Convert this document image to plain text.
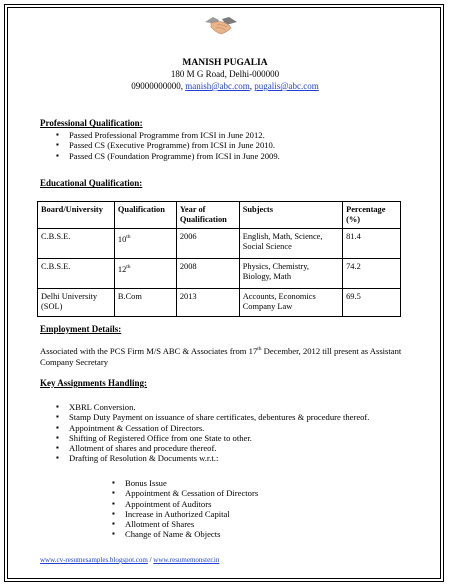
MANISH PUGALIA
180 M G Road, Delhi-000000
09000000000, manish@abc.com, pugalis@abc.com
Professional Qualification:
▪ Passed Professional Programme from ICSI in June 2012.
▪ Passed CS (Executive Programme) from ICSI in June 2010.
▪ Passed CS (Foundation Programme) from ICSI in June 2009.
Educational Qualification:
Board/University	Qualification	Year of Qualification	Subjects	Percentage (%)
C.B.S.E.	10th	2006	English, Math, Science, Social Science	81.4
C.B.S.E.	12th	2008	Physics, Chemistry, Biology, Math	74.2
Delhi University (SOL)	B.Com	2013	Accounts, Economics Company Law	69.5
Employment Details:
Associated with the PCS Firm M/S ABC & Associates from 17th December, 2012 till present as Assistant Company Secretary
Key Assignments Handling:
▪ XBRL Conversion.
▪ Stamp Duty Payment on issuance of share certificates, debentures & procedure thereof.
▪ Appointment & Cessation of Directors.
▪ Shifting of Registered Office from one State to other.
▪ Allotment of shares and procedure thereof.
▪ Drafting of Resolution & Documents w.r.t.:
▪ Bonus Issue
▪ Appointment & Cessation of Directors
▪ Appointment of Auditors
▪ Increase in Authorized Capital
▪ Allotment of Shares
▪ Change of Name & Objects
www.cv-resumesamples.blogspot.com / www.resumemonster.in
